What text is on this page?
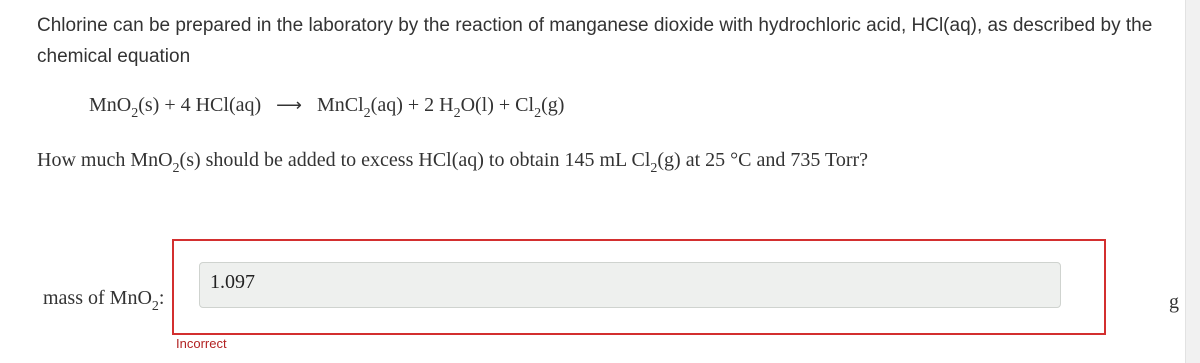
Chlorine can be prepared in the laboratory by the reaction of manganese dioxide with hydrochloric acid, HCl(aq), as described by the chemical equation
MnO$_2$(s) + 4 HCl(aq) ⟶ MnCl$_2$(aq) + 2 $H_2O(l) + Cl_2(g)$
How much MnO$_2$(s) should be added to excess HCl(aq) to obtain 145 mL $Cl_2(g)$ at 25 °C and 735 Torr?
mass of MnO$_2$:
1.097
g
Incorrect
